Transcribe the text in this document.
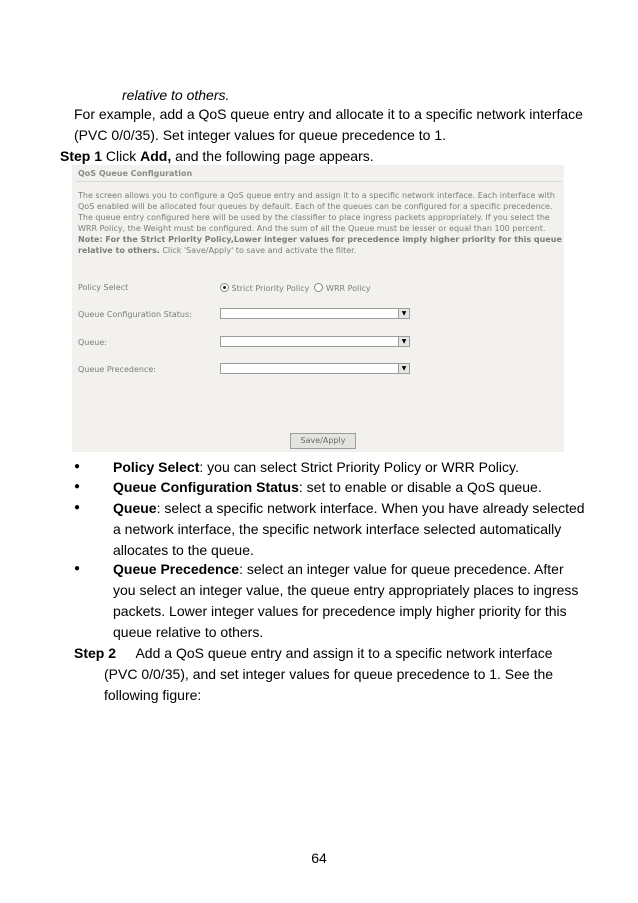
relative to others.
For example, add a QoS queue entry and allocate it to a specific network interface
(PVC 0/0/35). Set integer values for queue precedence to 1.
Step 1 Click Add, and the following page appears.
QoS Queue Configuration
The screen allows you to configure a QoS queue entry and assign it to a specific network interface. Each interface with
QoS enabled will be allocated four queues by default. Each of the queues can be configured for a specific precedence.
The queue entry configured here will be used by the classifier to place ingress packets appropriately. If you select the
WRR Policy, the Weight must be configured. And the sum of all the Queue must be lesser or equal than 100 percent.
Note: For the Strict Priority Policy,Lower integer values for precedence imply higher priority for this queue
relative to others. Click 'Save/Apply' to save and activate the filter.
Policy Select	Strict Priority Policy WRR Policy
Queue Configuration Status:	▼
Queue:	▼
Queue Precedence:	▼
Save/Apply
● Policy Select: you can select Strict Priority Policy or WRR Policy.
● Queue Configuration Status: set to enable or disable a QoS queue.
● Queue: select a specific network interface. When you have already selected
a network interface, the specific network interface selected automatically
allocates to the queue.
● Queue Precedence: select an integer value for queue precedence. After
you select an integer value, the queue entry appropriately places to ingress
packets. Lower integer values for precedence imply higher priority for this
queue relative to others.
Step 2 Add a QoS queue entry and assign it to a specific network interface
(PVC 0/0/35), and set integer values for queue precedence to 1. See the
following figure:
64
